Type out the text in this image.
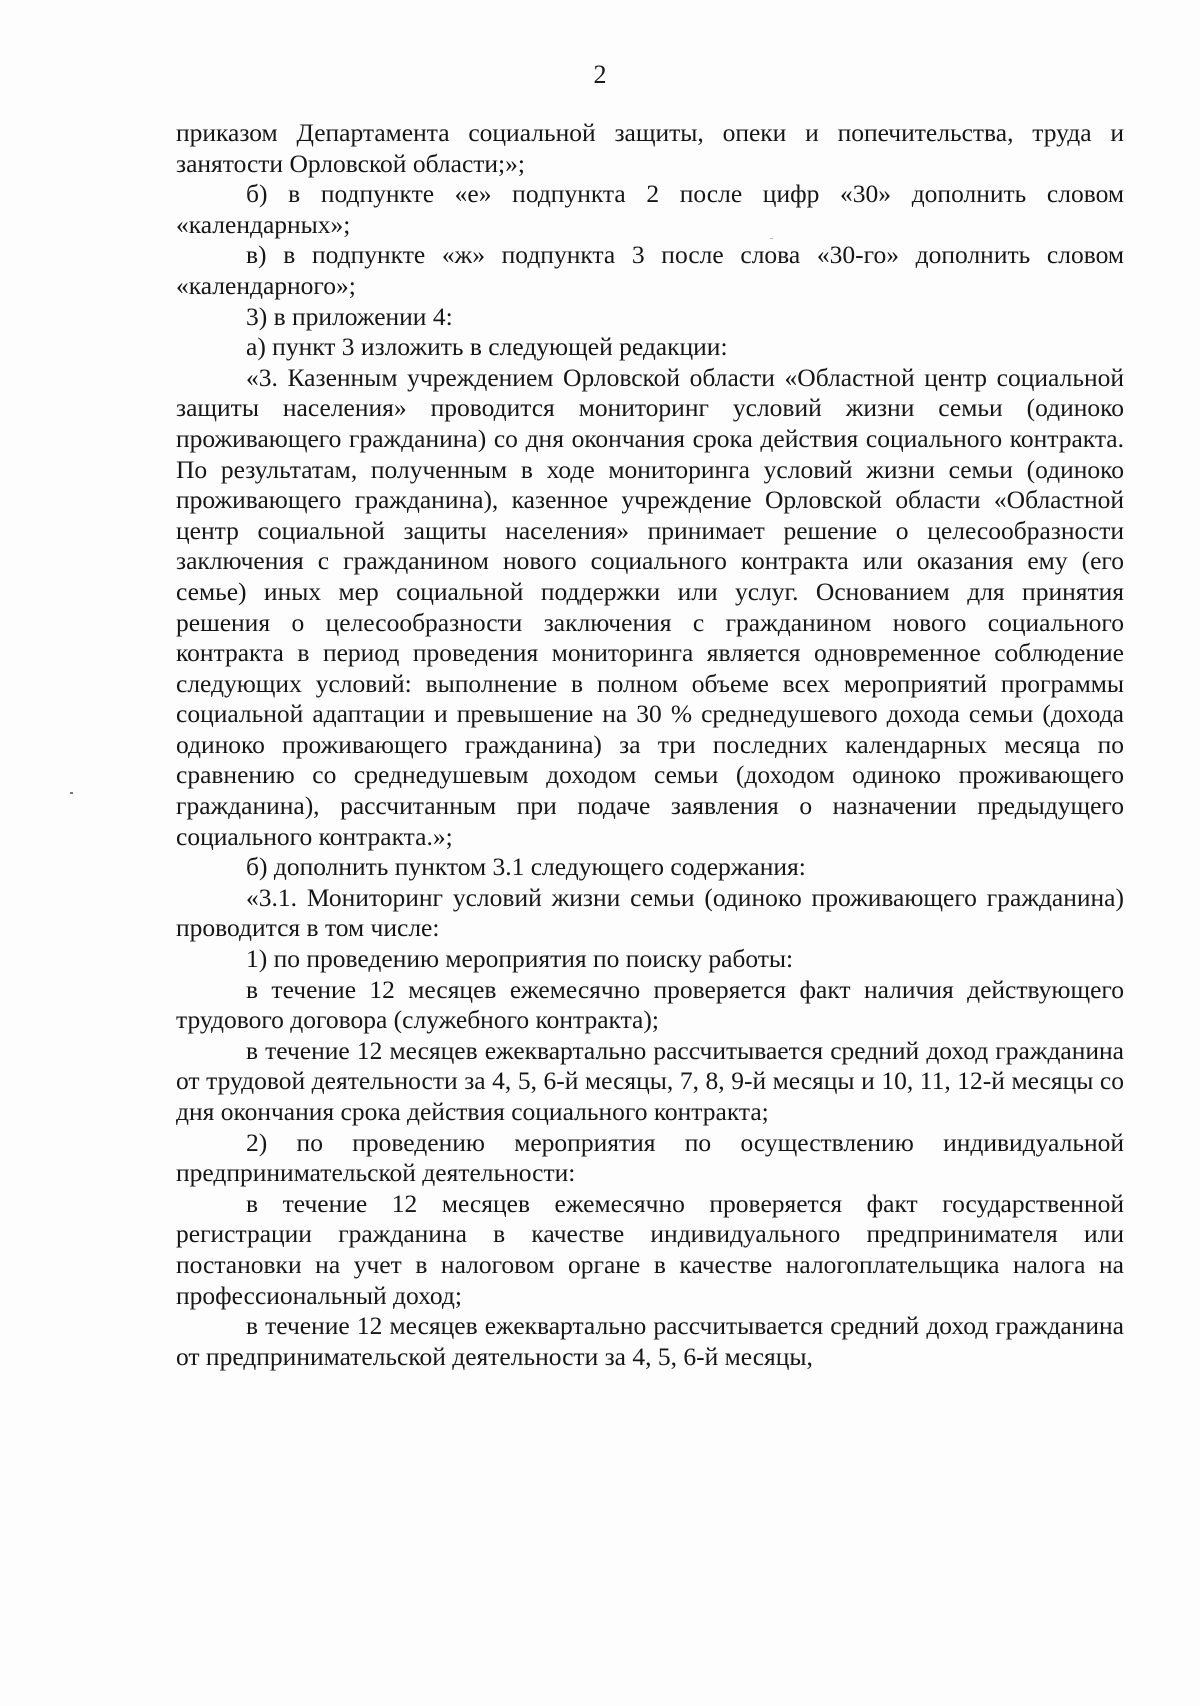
2

приказом Департамента социальной защиты, опеки и попечительства, труда и занятости Орловской области;»;

б) в подпункте «е» подпункта 2 после цифр «30» дополнить словом «календарных»;

в) в подпункте «ж» подпункта 3 после слова «30-го» дополнить словом «календарного»;

3) в приложении 4:

а) пункт 3 изложить в следующей редакции:

«3. Казенным учреждением Орловской области «Областной центр социальной защиты населения» проводится мониторинг условий жизни семьи (одиноко проживающего гражданина) со дня окончания срока действия социального контракта. По результатам, полученным в ходе мониторинга условий жизни семьи (одиноко проживающего гражданина), казенное учреждение Орловской области «Областной центр социальной защиты населения» принимает решение о целесообразности заключения с гражданином нового социального контракта или оказания ему (его семье) иных мер социальной поддержки или услуг. Основанием для принятия решения о целесообразности заключения с гражданином нового социального контракта в период проведения мониторинга является одновременное соблюдение следующих условий: выполнение в полном объеме всех мероприятий программы социальной адаптации и превышение на 30 % среднедушевого дохода семьи (дохода одиноко проживающего гражданина) за три последних календарных месяца по сравнению со среднедушевым доходом семьи (доходом одиноко проживающего гражданина), рассчитанным при подаче заявления о назначении предыдущего социального контракта.»;

б) дополнить пунктом 3.1 следующего содержания:

«3.1. Мониторинг условий жизни семьи (одиноко проживающего гражданина) проводится в том числе:

1) по проведению мероприятия по поиску работы:

в течение 12 месяцев ежемесячно проверяется факт наличия действующего трудового договора (служебного контракта);

в течение 12 месяцев ежеквартально рассчитывается средний доход гражданина от трудовой деятельности за 4, 5, 6-й месяцы, 7, 8, 9-й месяцы и 10, 11, 12-й месяцы со дня окончания срока действия социального контракта;

2) по проведению мероприятия по осуществлению индивидуальной предпринимательской деятельности:

в течение 12 месяцев ежемесячно проверяется факт государственной регистрации гражданина в качестве индивидуального предпринимателя или постановки на учет в налоговом органе в качестве налогоплательщика налога на профессиональный доход;

в течение 12 месяцев ежеквартально рассчитывается средний доход гражданина от предпринимательской деятельности за 4, 5, 6-й месяцы,
